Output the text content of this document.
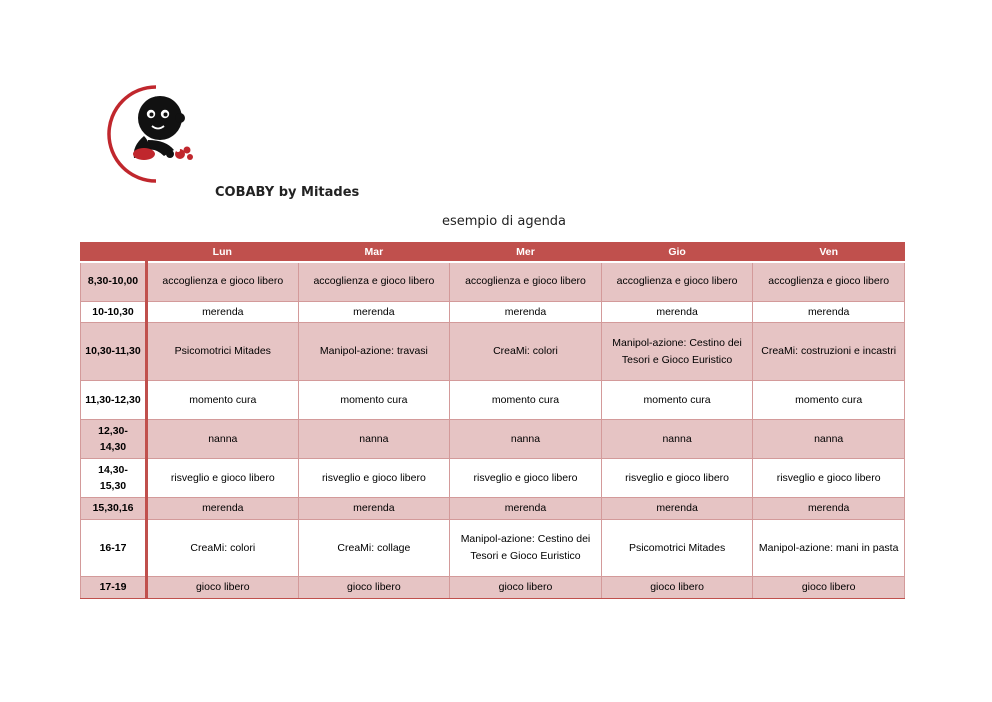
COBABY by Mitades
esempio di agenda
	Lun	Mar	Mer	Gio	Ven
8,30-10,00	accoglienza e gioco libero	accoglienza e gioco libero	accoglienza e gioco libero	accoglienza e gioco libero	accoglienza e gioco libero
10-10,30	merenda	merenda	merenda	merenda	merenda
10,30-11,30	Psicomotrici Mitades	Manipol-azione: travasi	CreaMi: colori	Manipol-azione: Cestino dei Tesori e Gioco Euristico	CreaMi: costruzioni e incastri
11,30-12,30	momento cura	momento cura	momento cura	momento cura	momento cura
12,30-14,30	nanna	nanna	nanna	nanna	nanna
14,30-15,30	risveglio e gioco libero	risveglio e gioco libero	risveglio e gioco libero	risveglio e gioco libero	risveglio e gioco libero
15,30,16	merenda	merenda	merenda	merenda	merenda
16-17	CreaMi: colori	CreaMi: collage	Manipol-azione: Cestino dei Tesori e Gioco Euristico	Psicomotrici Mitades	Manipol-azione: mani in pasta
17-19	gioco libero	gioco libero	gioco libero	gioco libero	gioco libero
